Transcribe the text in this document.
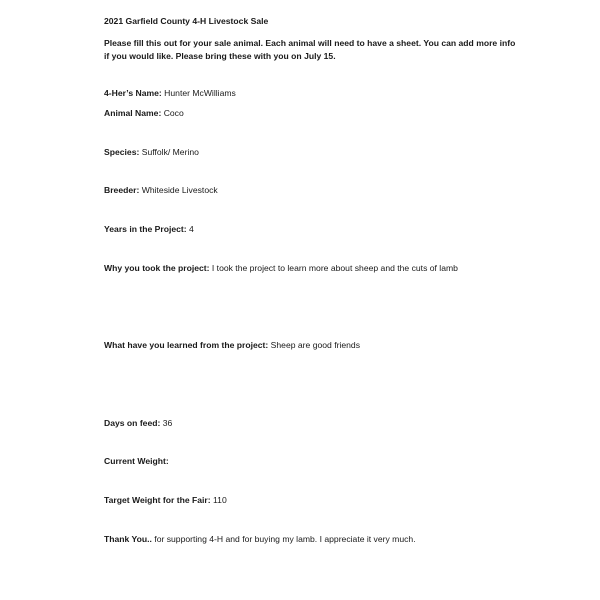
2021 Garfield County 4-H Livestock Sale
Please fill this out for your sale animal. Each animal will need to have a sheet. You can add more info
if you would like. Please bring these with you on July 15.
4-Her’s Name: Hunter McWilliams
Animal Name: Coco
Species: Suffolk/ Merino
Breeder: Whiteside Livestock
Years in the Project: 4
Why you took the project: I took the project to learn more about sheep and the cuts of lamb
What have you learned from the project: Sheep are good friends
Days on feed: 36
Current Weight:
Target Weight for the Fair: 110
Thank You.. for supporting 4-H and for buying my lamb. I appreciate it very much.
